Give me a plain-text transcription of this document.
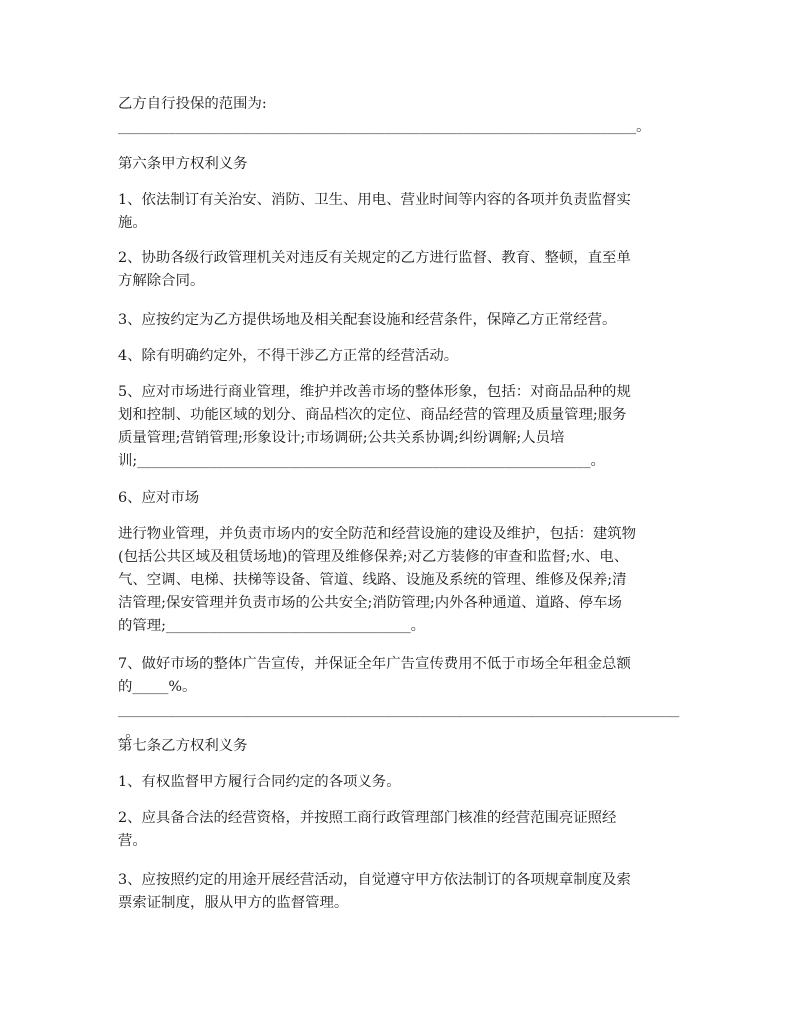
乙方自行投保的范围为:
________________________________________________________________________。

第六条甲方权利义务

1、依法制订有关治安、消防、卫生、用电、营业时间等内容的各项并负责监督实
施。

2、协助各级行政管理机关对违反有关规定的乙方进行监督、教育、整顿，直至单
方解除合同。

3、应按约定为乙方提供场地及相关配套设施和经营条件，保障乙方正常经营。

4、除有明确约定外，不得干涉乙方正常的经营活动。

5、应对市场进行商业管理，维护并改善市场的整体形象，包括：对商品品种的规
划和控制、功能区域的划分、商品档次的定位、商品经营的管理及质量管理;服务
质量管理;营销管理;形象设计;市场调研;公共关系协调;纠纷调解;人员培
训;_______________________________________________________________。

6、应对市场

进行物业管理，并负责市场内的安全防范和经营设施的建设及维护，包括：建筑物
(包括公共区域及租赁场地)的管理及维修保养;对乙方装修的审查和监督;水、电、
气、空调、电梯、扶梯等设备、管道、线路、设施及系统的管理、维修及保养;清
洁管理;保安管理并负责市场的公共安全;消防管理;内外各种通道、道路、停车场
的管理;__________________________________。

7、做好市场的整体广告宣传，并保证全年广告宣传费用不低于市场全年租金总额
的_____%。
_______________________________________________________________________________。

第七条乙方权利义务

1、有权监督甲方履行合同约定的各项义务。

2、应具备合法的经营资格，并按照工商行政管理部门核准的经营范围亮证照经
营。

3、应按照约定的用途开展经营活动，自觉遵守甲方依法制订的各项规章制度及索
票索证制度，服从甲方的监督管理。
